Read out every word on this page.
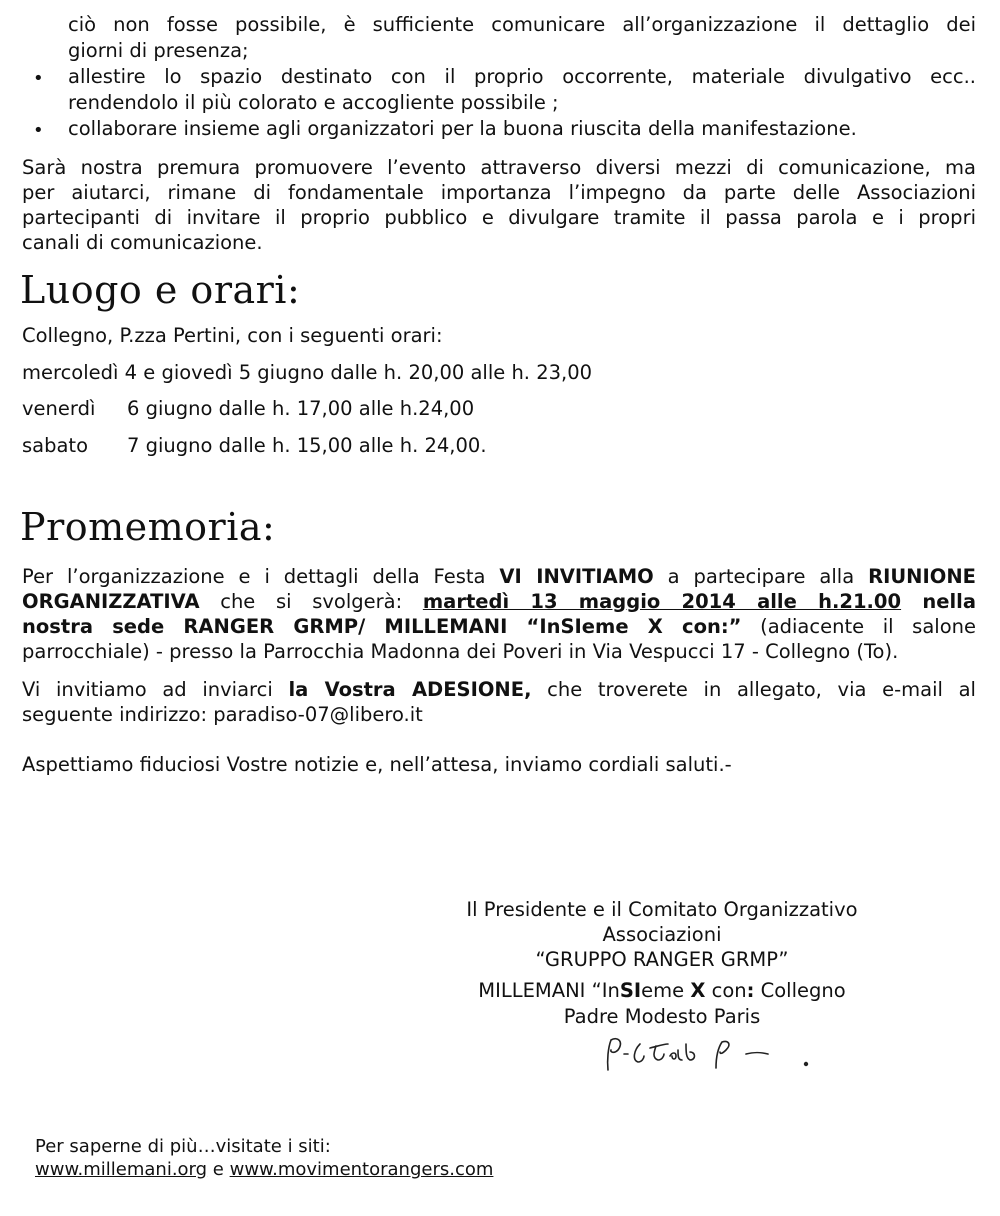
ciò non fosse possibile, è sufficiente comunicare all’organizzazione il dettaglio dei
giorni di presenza;
• allestire lo spazio destinato con il proprio occorrente, materiale divulgativo ecc..
rendendolo il più colorato e accogliente possibile ;
• collaborare insieme agli organizzatori per la buona riuscita della manifestazione.
Sarà nostra premura promuovere l’evento attraverso diversi mezzi di comunicazione, ma
per aiutarci, rimane di fondamentale importanza l’impegno da parte delle Associazioni
partecipanti di invitare il proprio pubblico e divulgare tramite il passa parola e i propri
canali di comunicazione.
Luogo e orari:
Collegno, P.zza Pertini, con i seguenti orari:
mercoledì 4 e giovedì 5 giugno dalle h. 20,00 alle h. 23,00
venerdì 6 giugno dalle h. 17,00 alle h.24,00
sabato 7 giugno dalle h. 15,00 alle h. 24,00.
Promemoria:
Per l’organizzazione e i dettagli della Festa VI INVITIAMO a partecipare alla RIUNIONE
ORGANIZZATIVA che si svolgerà: martedì 13 maggio 2014 alle h.21.00 nella
nostra sede RANGER GRMP/ MILLEMANI “InSIeme X con:” (adiacente il salone
parrocchiale) - presso la Parrocchia Madonna dei Poveri in Via Vespucci 17 - Collegno (To).
Vi invitiamo ad inviarci la Vostra ADESIONE, che troverete in allegato, via e-mail al
seguente indirizzo: paradiso-07@libero.it
Aspettiamo fiduciosi Vostre notizie e, nell’attesa, inviamo cordiali saluti.-
Il Presidente e il Comitato Organizzativo
Associazioni
“GRUPPO RANGER GRMP”
MILLEMANI “InSIeme X con: Collegno
Padre Modesto Paris
Per saperne di più…visitate i siti:
www.millemani.org e www.movimentorangers.com
